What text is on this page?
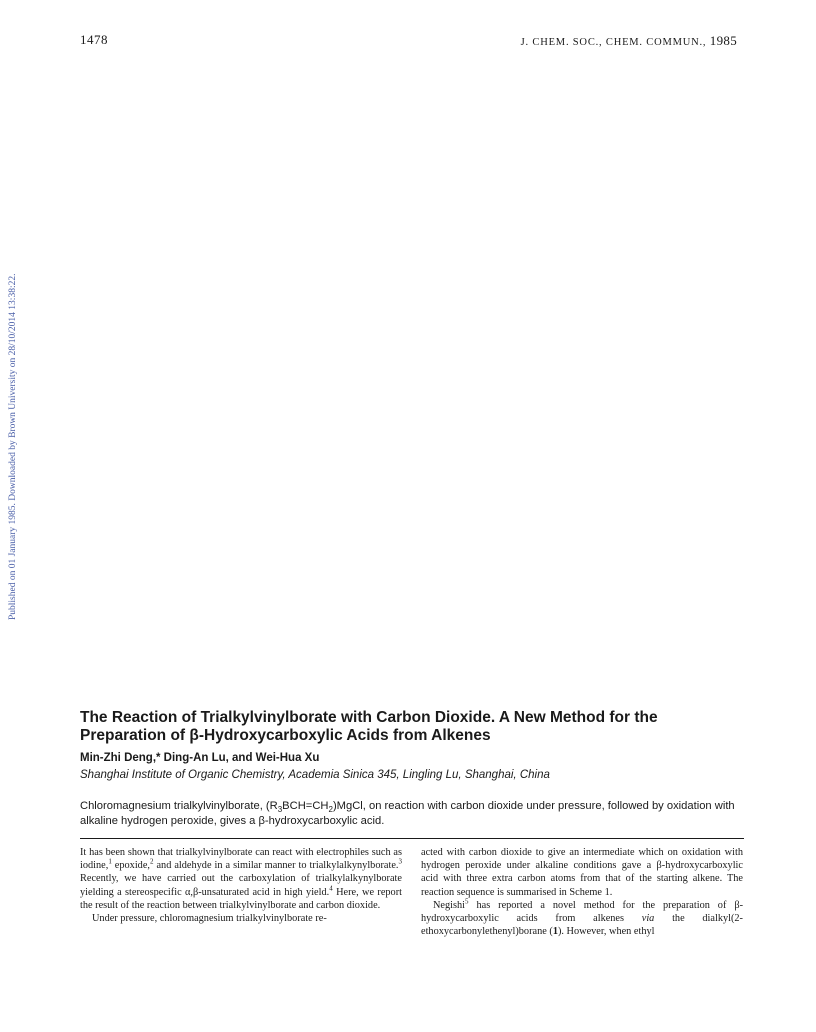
1478	J. CHEM. SOC., CHEM. COMMUN., 1985
Published on 01 January 1985. Downloaded by Brown University on 28/10/2014 13:38:22.
The Reaction of Trialkylvinylborate with Carbon Dioxide. A New Method for the Preparation of β-Hydroxycarboxylic Acids from Alkenes
Min-Zhi Deng,* Ding-An Lu, and Wei-Hua Xu
Shanghai Institute of Organic Chemistry, Academia Sinica 345, Lingling Lu, Shanghai, China

Chloromagnesium trialkylvinylborate, $(R_3BCH=CH_2)MgCl$, on reaction with carbon dioxide under pressure, followed by oxidation with alkaline hydrogen peroxide, gives a β-hydroxycarboxylic acid.

It has been shown that trialkylvinylborate can react with electrophiles such as iodine,$^1$ epoxide,$^2$ and aldehyde in a similar manner to trialkylalkynylborate.$^3$ Recently, we have carried out the carboxylation of trialkylalkynylborate yielding a stereospecific α,β-unsaturated acid in high yield.$^4$ Here, we report the result of the reaction between trialkylvinylborate and carbon dioxide.

Under pressure, chloromagnesium trialkylvinylborate re-

acted with carbon dioxide to give an intermediate which on oxidation with hydrogen peroxide under alkaline conditions gave a β-hydroxycarboxylic acid with three extra carbon atoms from that of the starting alkene. The reaction sequence is summarised in Scheme 1.

Negishi$^5$ has reported a novel method for the preparation of β-hydroxycarboxylic acids from alkenes via the dialkyl(2-ethoxycarbonylethenyl)borane (1). However, when ethyl
